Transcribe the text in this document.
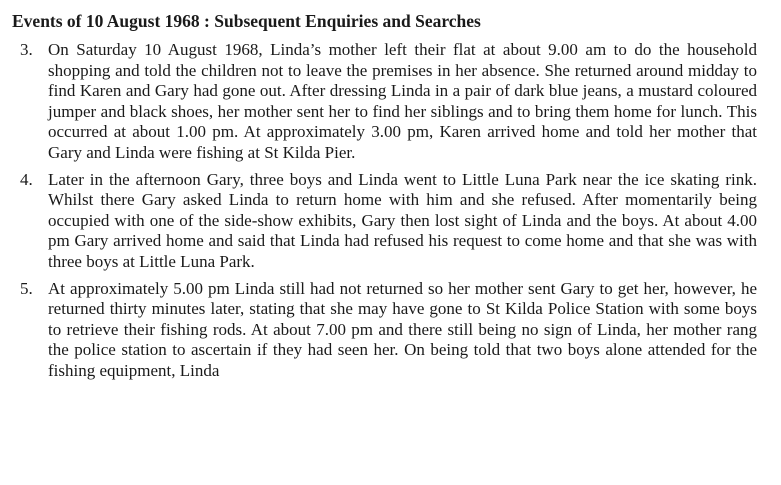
Events of 10 August 1968 : Subsequent Enquiries and Searches
3. On Saturday 10 August 1968, Linda’s mother left their flat at about 9.00 am to do the household shopping and told the children not to leave the premises in her absence. She returned around midday to find Karen and Gary had gone out. After dressing Linda in a pair of dark blue jeans, a mustard coloured jumper and black shoes, her mother sent her to find her siblings and to bring them home for lunch. This occurred at about 1.00 pm. At approximately 3.00 pm, Karen arrived home and told her mother that Gary and Linda were fishing at St Kilda Pier.
4. Later in the afternoon Gary, three boys and Linda went to Little Luna Park near the ice skating rink. Whilst there Gary asked Linda to return home with him and she refused. After momentarily being occupied with one of the side-show exhibits, Gary then lost sight of Linda and the boys. At about 4.00 pm Gary arrived home and said that Linda had refused his request to come home and that she was with three boys at Little Luna Park.
5. At approximately 5.00 pm Linda still had not returned so her mother sent Gary to get her, however, he returned thirty minutes later, stating that she may have gone to St Kilda Police Station with some boys to retrieve their fishing rods. At about 7.00 pm and there still being no sign of Linda, her mother rang the police station to ascertain if they had seen her. On being told that two boys alone attended for the fishing equipment, Linda
